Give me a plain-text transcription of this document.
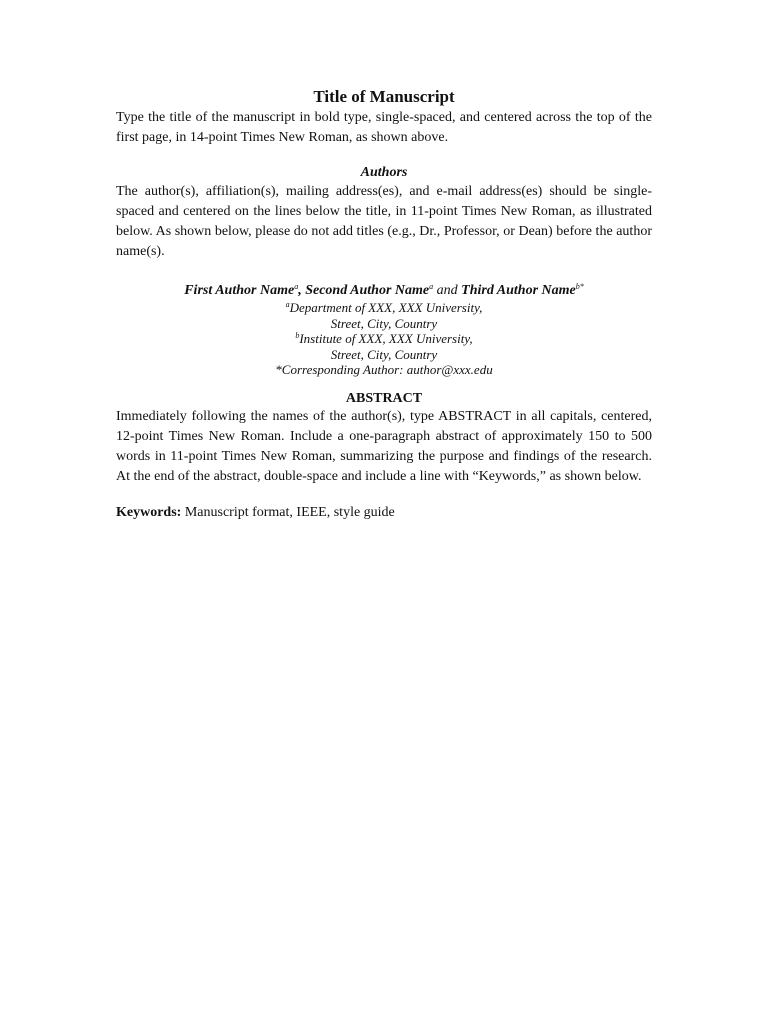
Title of Manuscript

Type the title of the manuscript in bold type, single-spaced, and centered across the top of the first page, in 14-point Times New Roman, as shown above.

Authors

The author(s), affiliation(s), mailing address(es), and e-mail address(es) should be single-spaced and centered on the lines below the title, in 11-point Times New Roman, as illustrated below. As shown below, please do not add titles (e.g., Dr., Professor, or Dean) before the author name(s).

First Author Name$^a$, Second Author Name$^a$ and Third Author Name$^{b*}$

$^a$Department of XXX, XXX University,

Street, City, Country

$^b$Institute of XXX, XXX University,

Street, City, Country

*Corresponding Author: author@xxx.edu

ABSTRACT

Immediately following the names of the author(s), type ABSTRACT in all capitals, centered, 12-point Times New Roman. Include a one-paragraph abstract of approximately 150 to 500 words in 11-point Times New Roman, summarizing the purpose and findings of the research. At the end of the abstract, double-space and include a line with “Keywords,” as shown below.

Keywords: Manuscript format, IEEE, style guide
